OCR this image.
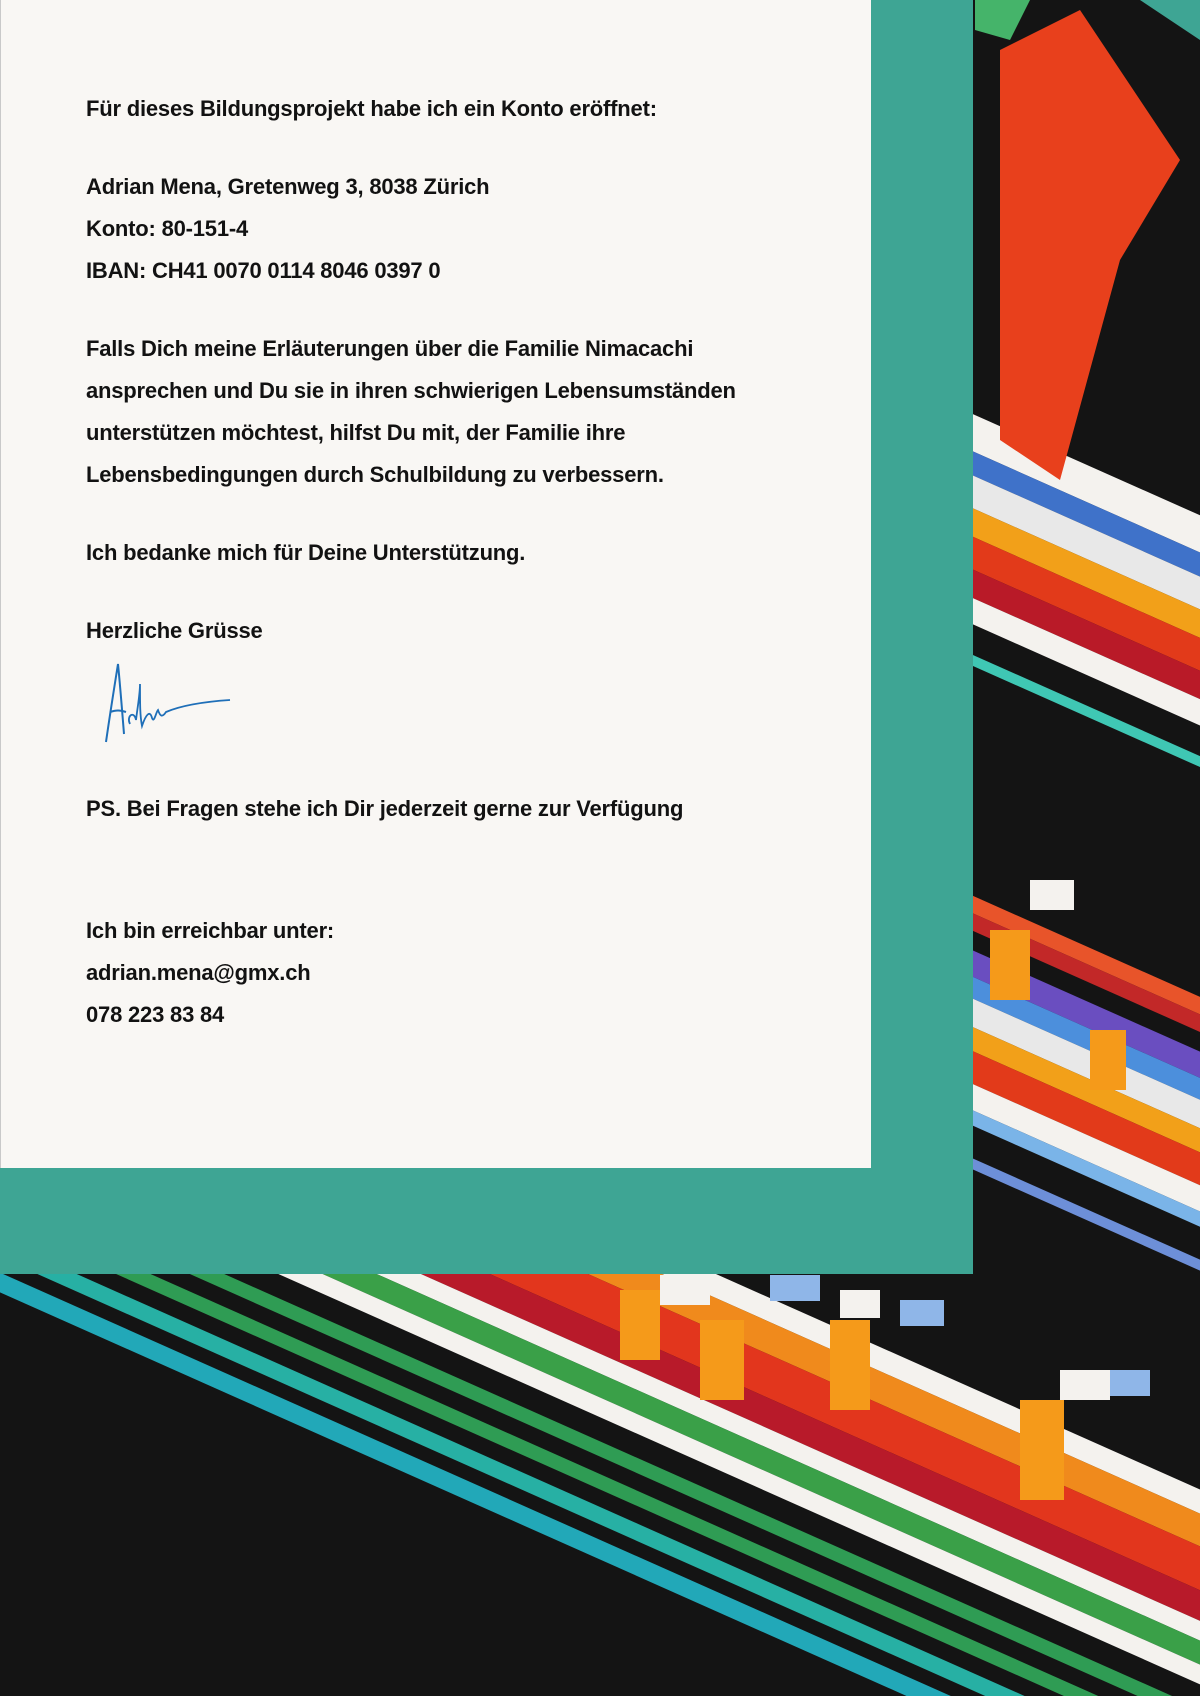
Für dieses Bildungsprojekt habe ich ein Konto eröffnet:
Adrian Mena, Gretenweg 3, 8038 Zürich
Konto: 80-151-4
IBAN: CH41 0070 0114 8046 0397 0
Falls Dich meine Erläuterungen über die Familie Nimacachi
ansprechen und Du sie in ihren schwierigen Lebensumständen
unterstützen möchtest, hilfst Du mit, der Familie ihre
Lebensbedingungen durch Schulbildung zu verbessern.
Ich bedanke mich für Deine Unterstützung.
Herzliche Grüsse
PS. Bei Fragen stehe ich Dir jederzeit gerne zur Verfügung
Ich bin erreichbar unter:
adrian.mena@gmx.ch
078 223 83 84
